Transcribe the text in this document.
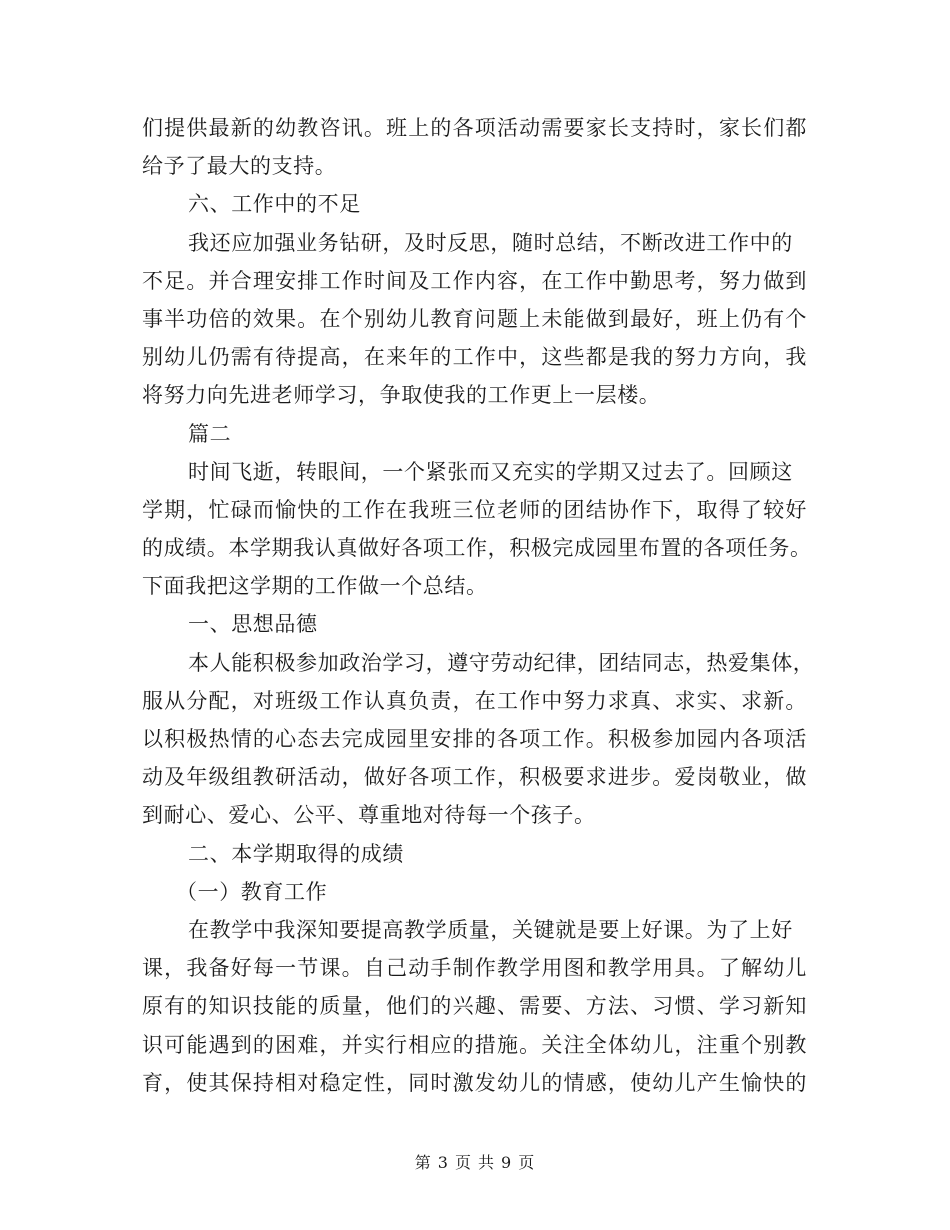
们提供最新的幼教咨讯。班上的各项活动需要家长支持时，家长们都
给予了最大的支持。
六、工作中的不足
我还应加强业务钻研，及时反思，随时总结，不断改进工作中的
不足。并合理安排工作时间及工作内容，在工作中勤思考，努力做到
事半功倍的效果。在个别幼儿教育问题上未能做到最好，班上仍有个
别幼儿仍需有待提高，在来年的工作中，这些都是我的努力方向，我
将努力向先进老师学习，争取使我的工作更上一层楼。
篇二
时间飞逝，转眼间，一个紧张而又充实的学期又过去了。回顾这
学期，忙碌而愉快的工作在我班三位老师的团结协作下，取得了较好
的成绩。本学期我认真做好各项工作，积极完成园里布置的各项任务。
下面我把这学期的工作做一个总结。
一、思想品德
本人能积极参加政治学习，遵守劳动纪律，团结同志，热爱集体，
服从分配，对班级工作认真负责，在工作中努力求真、求实、求新。
以积极热情的心态去完成园里安排的各项工作。积极参加园内各项活
动及年级组教研活动，做好各项工作，积极要求进步。爱岗敬业，做
到耐心、爱心、公平、尊重地对待每一个孩子。
二、本学期取得的成绩
（一）教育工作
在教学中我深知要提高教学质量，关键就是要上好课。为了上好
课，我备好每一节课。自己动手制作教学用图和教学用具。了解幼儿
原有的知识技能的质量，他们的兴趣、需要、方法、习惯、学习新知
识可能遇到的困难，并实行相应的措施。关注全体幼儿，注重个别教
育，使其保持相对稳定性，同时激发幼儿的情感，使幼儿产生愉快的
第 3 页 共 9 页
